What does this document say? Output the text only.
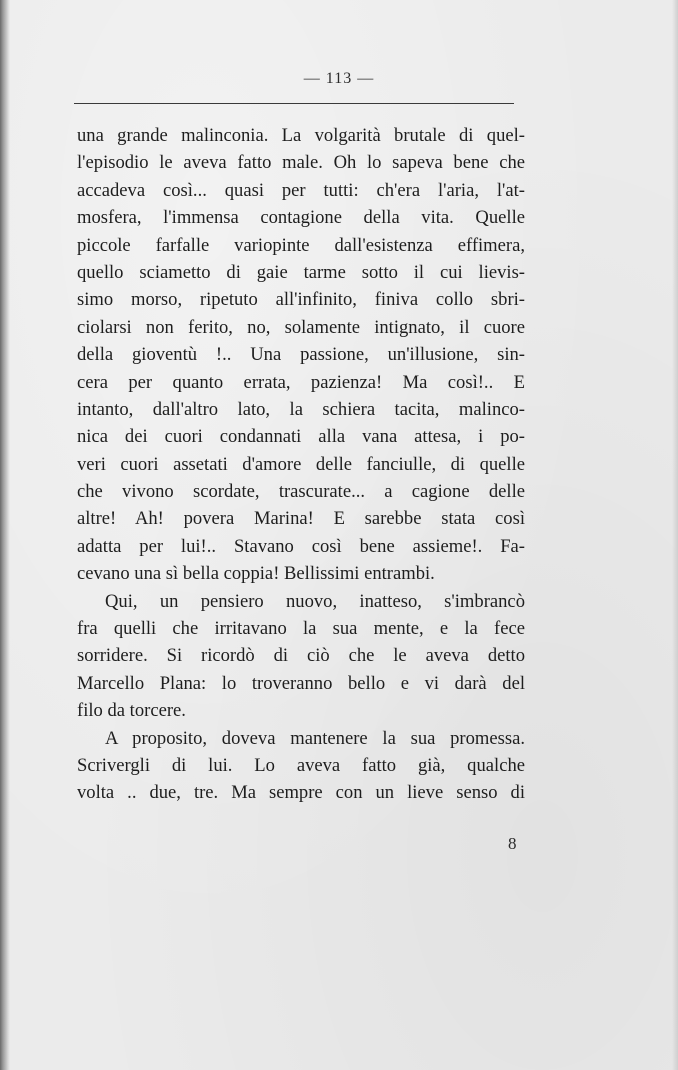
— 113 —
una grande malinconia. La volgarità brutale di quel-
l'episodio le aveva fatto male. Oh lo sapeva bene che
accadeva così... quasi per tutti: ch'era l'aria, l'at-
mosfera, l'immensa contagione della vita. Quelle
piccole farfalle variopinte dall'esistenza effimera,
quello sciametto di gaie tarme sotto il cui lievis-
simo morso, ripetuto all'infinito, finiva collo sbri-
ciolarsi non ferito, no, solamente intignato, il cuore
della gioventù !.. Una passione, un'illusione, sin-
cera per quanto errata, pazienza! Ma così!.. E
intanto, dall'altro lato, la schiera tacita, malinco-
nica dei cuori condannati alla vana attesa, i po-
veri cuori assetati d'amore delle fanciulle, di quelle
che vivono scordate, trascurate... a cagione delle
altre! Ah! povera Marina! E sarebbe stata così
adatta per lui!.. Stavano così bene assieme!. Fa-
cevano una sì bella coppia! Bellissimi entrambi.
Qui, un pensiero nuovo, inatteso, s'imbrancò
fra quelli che irritavano la sua mente, e la fece
sorridere. Si ricordò di ciò che le aveva detto
Marcello Plana: lo troveranno bello e vi darà del
filo da torcere.
A proposito, doveva mantenere la sua promessa.
Scrivergli di lui. Lo aveva fatto già, qualche
volta .. due, tre. Ma sempre con un lieve senso di
8
